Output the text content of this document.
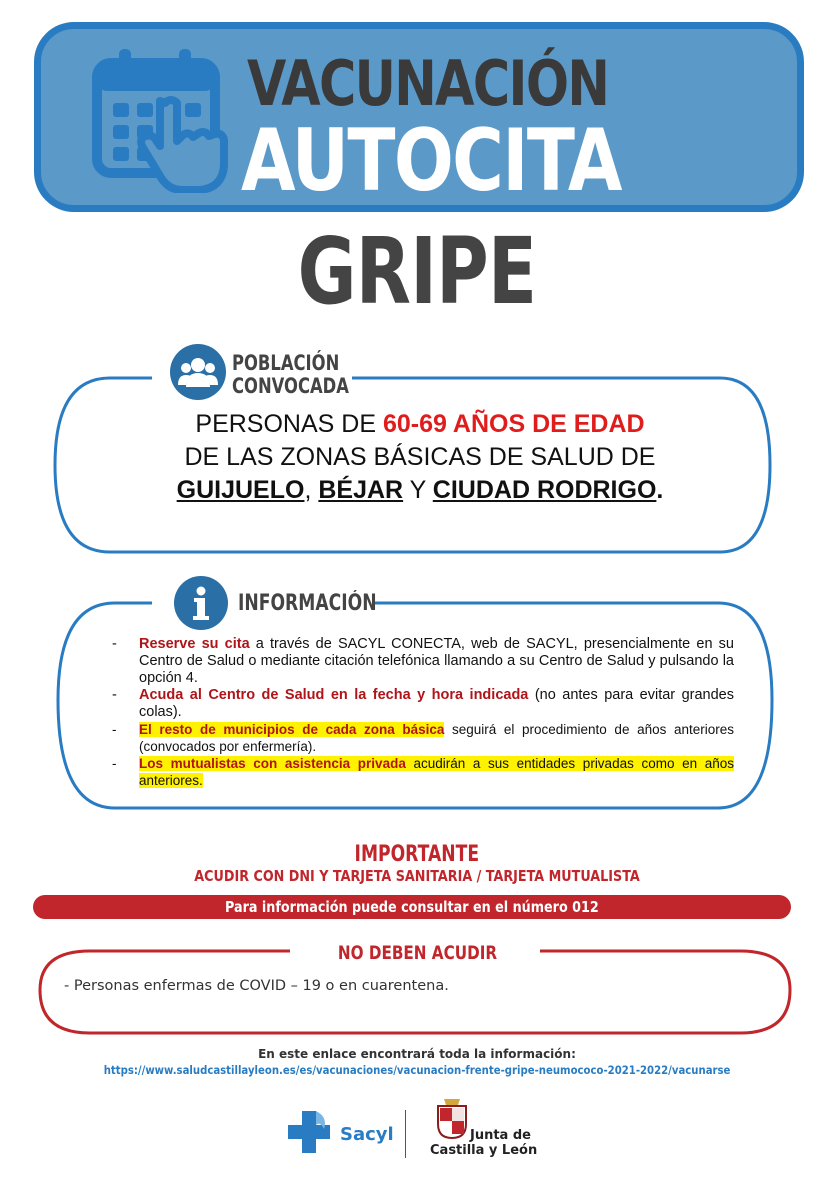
VACUNACIÓN
AUTOCITA
GRIPE
POBLACIÓN
CONVOCADA
PERSONAS DE 60-69 AÑOS DE EDAD
DE LAS ZONAS BÁSICAS DE SALUD DE
GUIJUELO, BÉJAR Y CIUDAD RODRIGO.
INFORMACIÓN
- Reserve su cita a través de SACYL CONECTA, web de SACYL, presencialmente en su Centro de Salud o mediante citación telefónica llamando a su Centro de Salud y pulsando la opción 4.
- Acuda al Centro de Salud en la fecha y hora indicada (no antes para evitar grandes colas).
- El resto de municipios de cada zona básica seguirá el procedimiento de años anteriores (convocados por enfermería).
- Los mutualistas con asistencia privada acudirán a sus entidades privadas como en años anteriores.
IMPORTANTE
ACUDIR CON DNI Y TARJETA SANITARIA / TARJETA MUTUALISTA
Para información puede consultar en el número 012
NO DEBEN ACUDIR
- Personas enfermas de COVID – 19 o en cuarentena.
En este enlace encontrará toda la información:
https://www.saludcastillayleon.es/es/vacunaciones/vacunacion-frente-gripe-neumococo-2021-2022/vacunarse
Sacyl	Junta de
Castilla y León
